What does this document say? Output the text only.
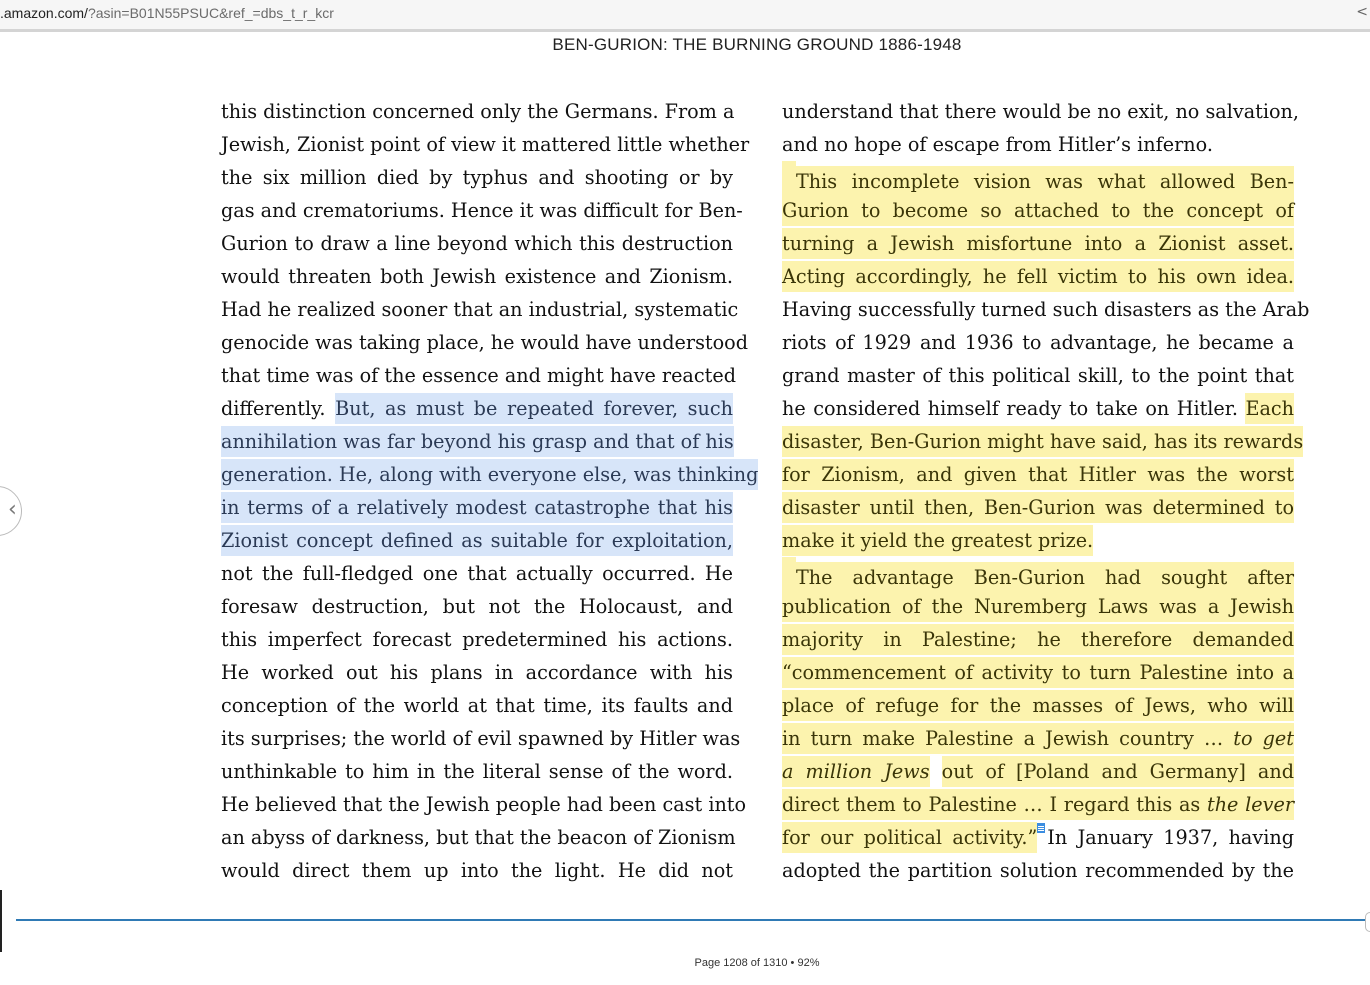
.amazon.com/?asin=B01N55PSUC&ref_=dbs_t_r_kcr	<
BEN-GURION: THE BURNING GROUND 1886-1948
this distinction concerned only the Germans. From a
Jewish, Zionist point of view it mattered little whether
the six million died by typhus and shooting or by
gas and crematoriums. Hence it was difficult for Ben-
Gurion to draw a line beyond which this destruction
would threaten both Jewish existence and Zionism.
Had he realized sooner that an industrial, systematic
genocide was taking place, he would have understood
that time was of the essence and might have reacted
differently. But, as must be repeated forever, such
annihilation was far beyond his grasp and that of his
generation. He, along with everyone else, was thinking
in terms of a relatively modest catastrophe that his
Zionist concept defined as suitable for exploitation,
not the full-fledged one that actually occurred. He
foresaw destruction, but not the Holocaust, and
this imperfect forecast predetermined his actions.
He worked out his plans in accordance with his
conception of the world at that time, its faults and
its surprises; the world of evil spawned by Hitler was
unthinkable to him in the literal sense of the word.
He believed that the Jewish people had been cast into
an abyss of darkness, but that the beacon of Zionism
would direct them up into the light. He did not
understand that there would be no exit, no salvation,
and no hope of escape from Hitler’s inferno.
This incomplete vision was what allowed Ben-
Gurion to become so attached to the concept of
turning a Jewish misfortune into a Zionist asset.
Acting accordingly, he fell victim to his own idea.
Having successfully turned such disasters as the Arab
riots of 1929 and 1936 to advantage, he became a
grand master of this political skill, to the point that
he considered himself ready to take on Hitler. Each
disaster, Ben-Gurion might have said, has its rewards
for Zionism, and given that Hitler was the worst
disaster until then, Ben-Gurion was determined to
make it yield the greatest prize.
The advantage Ben-Gurion had sought after
publication of the Nuremberg Laws was a Jewish
majority in Palestine; he therefore demanded
“commencement of activity to turn Palestine into a
place of refuge for the masses of Jews, who will
in turn make Palestine a Jewish country … to get
a million Jews out of [Poland and Germany] and
direct them to Palestine … I regard this as the lever
for our political activity.” In January 1937, having
adopted the partition solution recommended by the
‹
Page 1208 of 1310 • 92%
